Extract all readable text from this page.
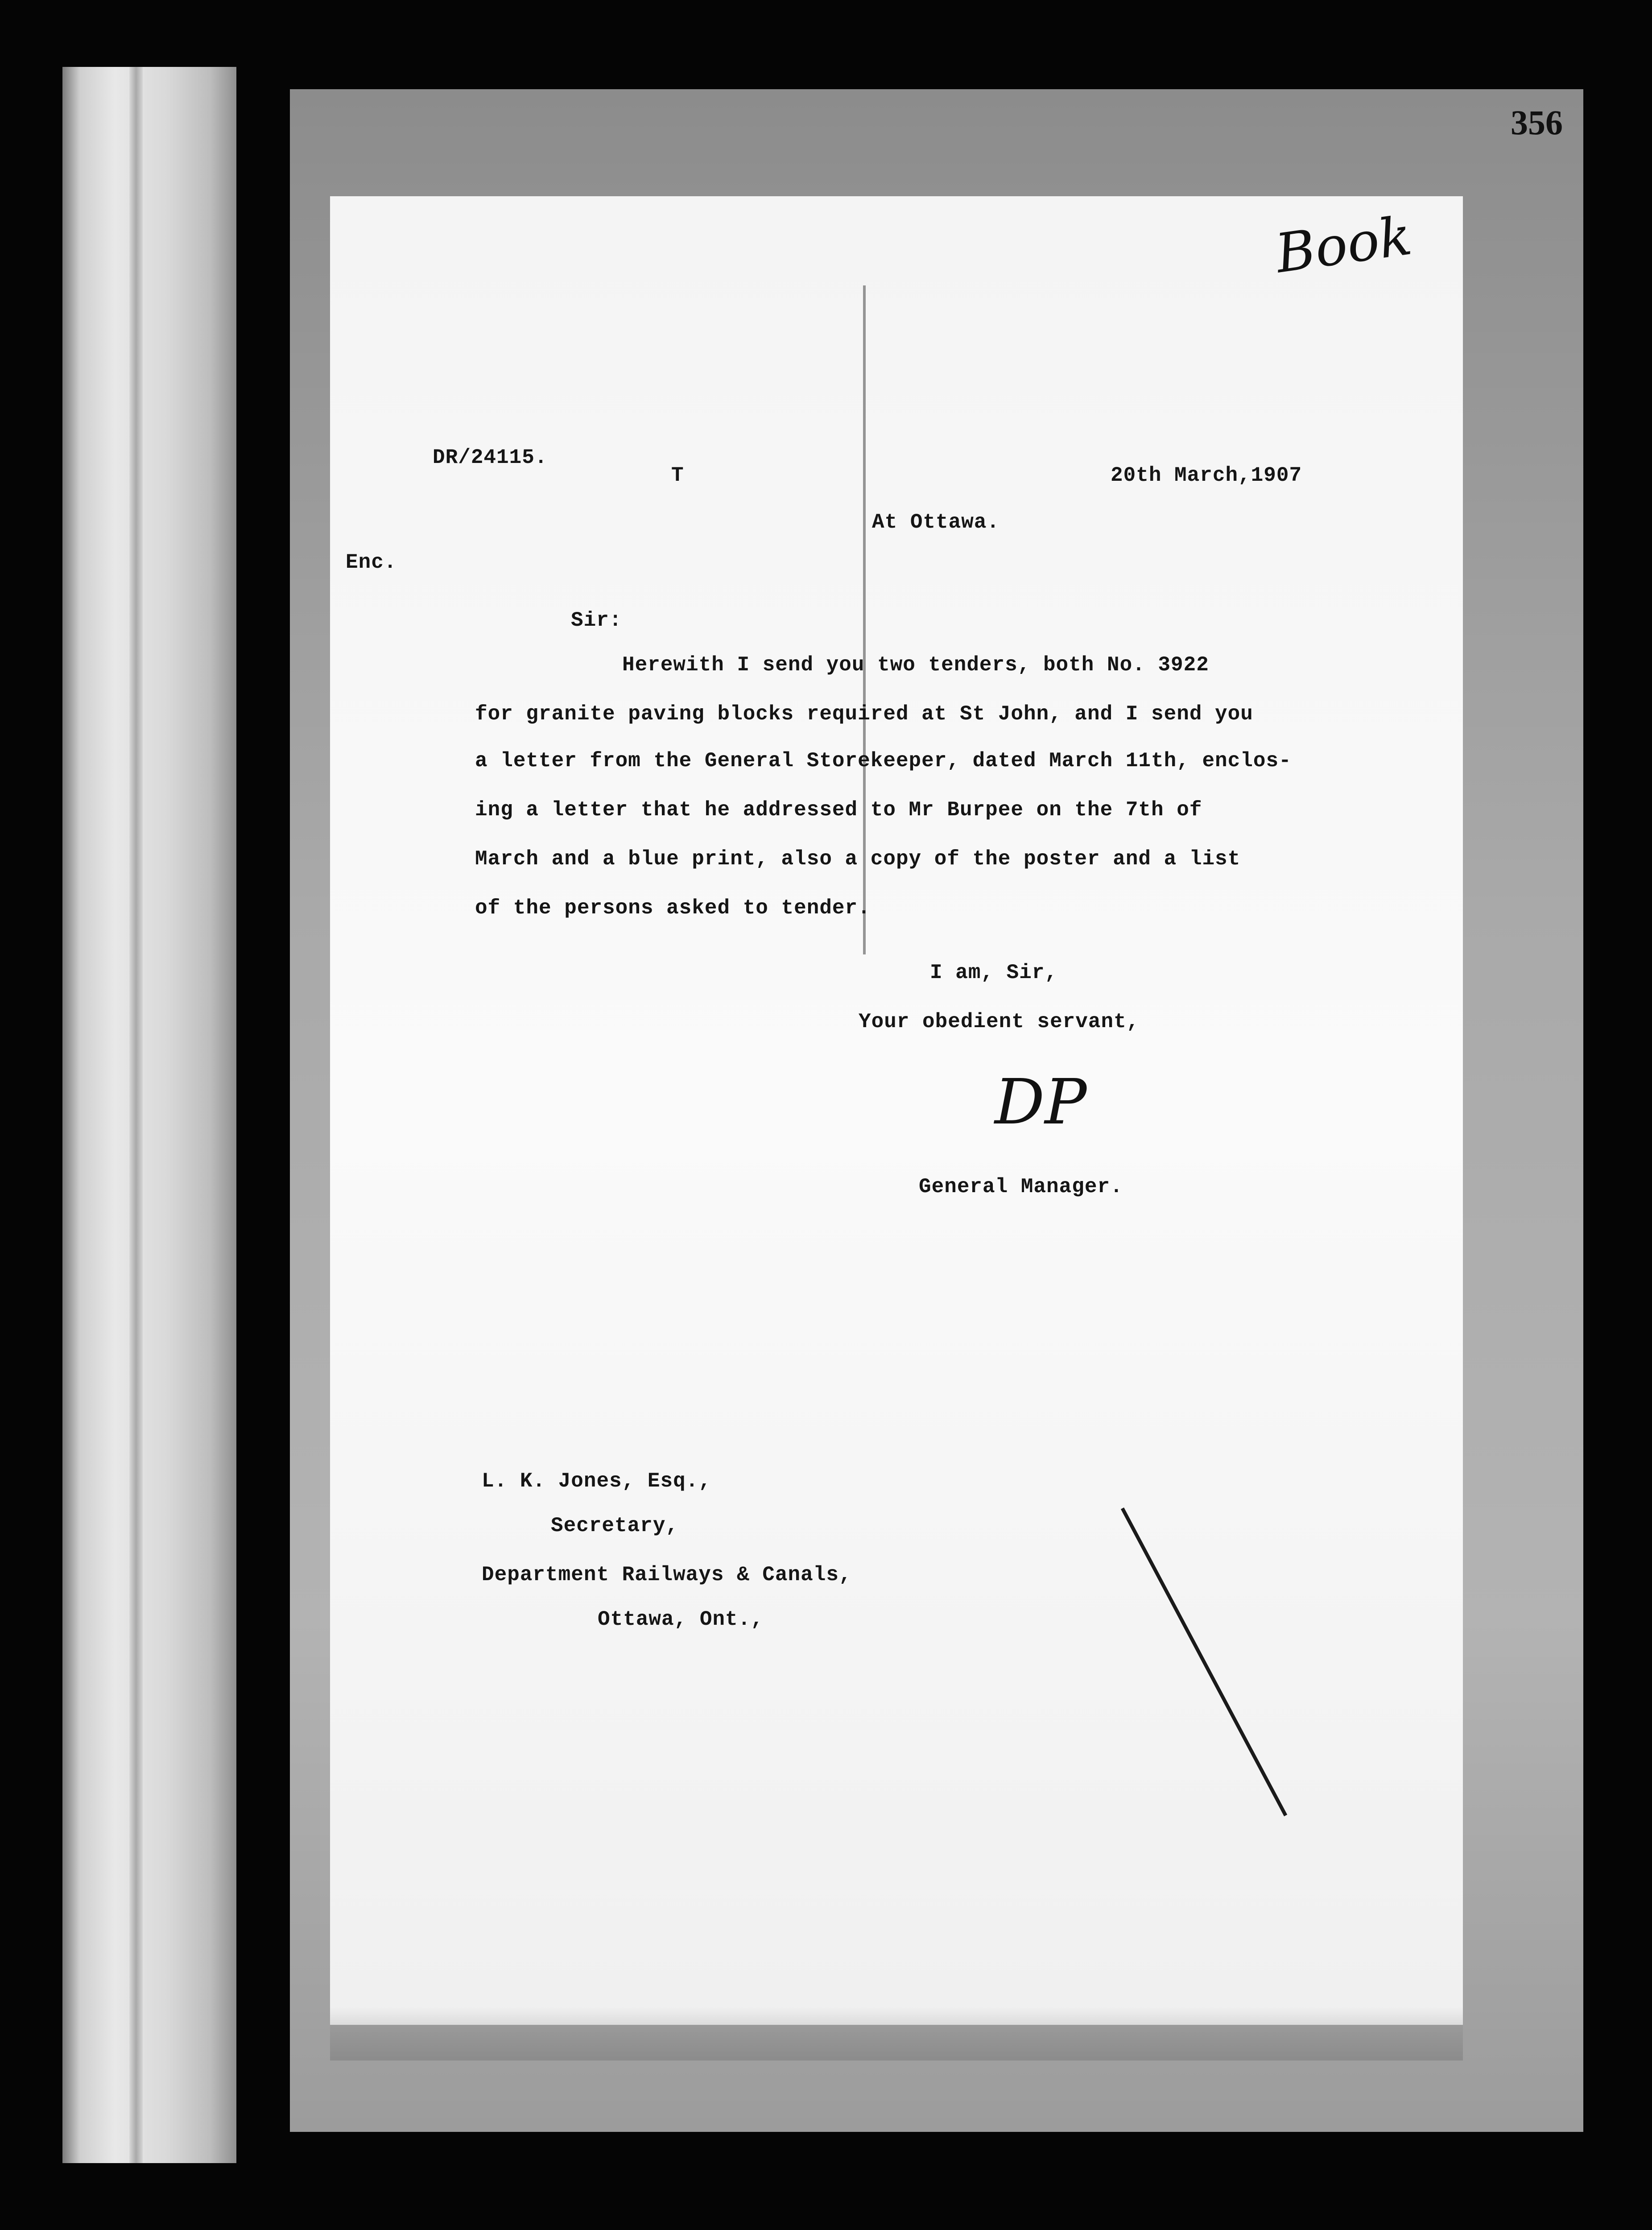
356
Book
DR/24115.
T	20th March,1907
At Ottawa.
Enc.
Sir:
Herewith I send you two tenders, both No. 3922
for granite paving blocks required at St John, and I send you
a letter from the General Storekeeper, dated March 11th, enclos-
ing a letter that he addressed to Mr Burpee on the 7th of
March and a blue print, also a copy of the poster and a list
of the persons asked to tender.
I am, Sir,
Your obedient servant,
DP
General Manager.
L. K. Jones, Esq.,
Secretary,
Department Railways & Canals,
Ottawa, Ont.,
